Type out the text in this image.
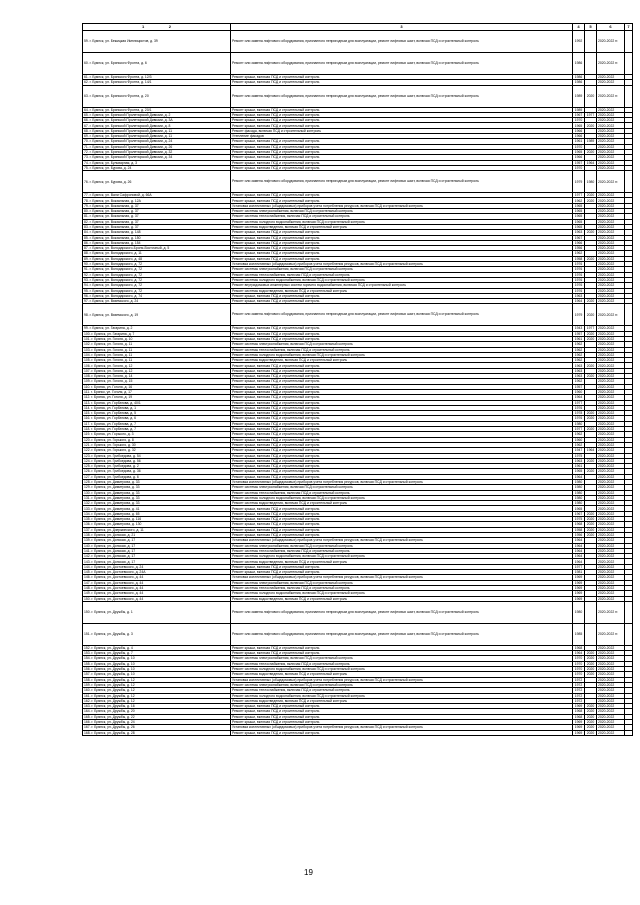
1 2	3	4	5	6	7
59. г. Брянск, ул. Бежицкая Имплицистов, д. 39	Ремонт или замена лифтового оборудования, признанного непригодным для эксплуатации, ремонт лифтовых шахт, включая ПСД и строительный контроль	1992		2020-2022 гг.	
60. г. Брянск, ул. Брянского Фронта, д. 6	Ремонт или замена лифтового оборудования, признанного непригодным для эксплуатации, ремонт лифтовых шахт, включая ПСД и строительный контроль	1986		2020-2022 гг.	
61. г. Брянск, ул. Брянского Фронта, д. 12/3	Ремонт крыши, включая ПСД и строительный контроль	1986		2020-2022	
62. г. Брянск, ул. Брянского Фронта, д. 14/1	Ремонт крыши, включая ПСД и строительный контроль	1986		2020-2022	
63. г. Брянск, ул. Брянского Фронта, д. 20	Ремонт или замена лифтового оборудования, признанного непригодным для эксплуатации, ремонт лифтовых шахт, включая ПСД и строительный контроль	1989	2020	2020-2022 гг.	
64. г. Брянск, ул. Брянского Фронта, д. 20/1	Ремонт крыши, включая ПСД и строительный контроль	1989		2020-2022	
65. г. Брянск, ул. Брянской Пролетарской Дивизии, д. 2	Ремонт крыши, включая ПСД и строительный контроль	1967	1977	2020-2022	
66. г. Брянск, ул. Брянской Пролетарской Дивизии, д. 3А	Ремонт крыши, включая ПСД и строительный контроль	1970		2020-2022	
67. г. Брянск, ул. Брянской Пролетарской Дивизии, д. 8	Ремонт крыши, включая ПСД и строительный контроль	1965	2020	2020-2022	
68. г. Брянск, ул. Брянской Пролетарской Дивизии, д. 11	Ремонт фасада, включая ПСД и строительный контроль	1966		2020-2022	
69. г. Брянск, ул. Брянской Пролетарской Дивизии, д. 11	Утепление фасадов	1966		2020-2022	
70. г. Брянск, ул. Брянской Пролетарской Дивизии, д. 24	Ремонт крыши, включая ПСД и строительный контроль	1961	1989	2020-2022	
71. г. Брянск, ул. Брянской Пролетарской Дивизии, д. 26	Ремонт крыши, включая ПСД и строительный контроль	1970		2020-2022	
72. г. Брянск, ул. Брянской Пролетарской Дивизии, д. 32	Ремонт крыши, включая ПСД и строительный контроль	1965	2020	2020-2022	
73. г. Брянск, ул. Брянской Пролетарской Дивизии, д. 34	Ремонт крыши, включая ПСД и строительный контроль	1966		2020-2022	
74. г. Брянск, ул. Бульварная, д. 3	Ремонт крыши, включая ПСД и строительный контроль	1957	1964	2020-2022	
75. г. Брянск, ул. Бурова, д. 24	Ремонт крыши, включая ПСД и строительный контроль	1970		2020-2022	
76. г. Брянск, ул. Бурова, д. 26	Ремонт или замена лифтового оборудования, признанного непригодным для эксплуатации, ремонт лифтовых шахт, включая ПСД и строительный контроль	1979	1980	2020-2022 гг.	
77. г. Брянск, ул. Вали Сафроновой, д. 66А	Ремонт крыши, включая ПСД и строительный контроль	1977	2020	2020-2022	
78. г. Брянск, ул. Вокзальная, д. 12А	Ремонт крыши, включая ПСД и строительный контроль	1962	2020	2020-2022	
79. г. Брянск, ул. Вокзальная, д. 37	Установка коллективных (общедомовых) приборов учета потребления ресурсов, включая ПСД и строительный контроль	1965		2020-2022	
80. г. Брянск, ул. Вокзальная, д. 37	Ремонт системы электроснабжения, включая ПСД и строительный контроль	1965		2020-2022	
81. г. Брянск, ул. Вокзальная, д. 37	Ремонт системы теплоснабжения, включая ПСД и строительный контроль	1965		2020-2022	
82. г. Брянск, ул. Вокзальная, д. 37	Ремонт системы холодного водоснабжения, включая ПСД и строительный контроль	1965		2020-2022	
83. г. Брянск, ул. Вокзальная, д. 37	Ремонт системы водоотведения, включая ПСД и строительный контроль	1965		2020-2022	
84. г. Брянск, ул. Вокзальная, д. 148	Ремонт крыши, включая ПСД и строительный контроль	1963	2020	2020-2022	
85. г. Брянск, ул. Вокзальная, д. 150	Ремонт крыши, включая ПСД и строительный контроль	1967		2020-2022	
86. г. Брянск, ул. Вокзальная, д. 154	Ремонт крыши, включая ПСД и строительный контроль	1966		2020-2022	
87. г. Брянск, ул. Володарского-Броня-Восточный, д. 5	Ремонт крыши, включая ПСД и строительный контроль	1956		2020-2022	
88. г. Брянск, ул. Володарского, д. 11	Ремонт крыши, включая ПСД и строительный контроль	1962		2020-2022	
89. г. Брянск, ул. Володарского, д. 48	Ремонт крыши, включая ПСД и строительный контроль	1958	2020	2020-2022	
90. г. Брянск, ул. Володарского, д. 72	Установка коллективных (общедомовых) приборов учета потребления ресурсов, включая ПСД и строительный контроль	1976		2020-2022	
91. г. Брянск, ул. Володарского, д. 72	Ремонт системы электроснабжения, включая ПСД и строительный контроль	1976		2020-2022	
92. г. Брянск, ул. Володарского, д. 72	Ремонт системы теплоснабжения, включая ПСД и строительный контроль	1976		2020-2022	
93. г. Брянск, ул. Володарского, д. 72	Ремонт системы холодного водоснабжения, включая ПСД и строительный контроль	1976		2020-2022	
94. г. Брянск, ул. Володарского, д. 72	Ремонт внутридомовых инженерных систем горячего водоснабжения, включая ПСД и строительный контроль	1976		2020-2022	
95. г. Брянск, ул. Володарского, д. 72	Ремонт системы водоотведения, включая ПСД и строительный контроль	1976		2020-2022	
96. г. Брянск, ул. Володарского, д. 74	Ремонт крыши, включая ПСД и строительный контроль	1963		2020-2022	
97. г. Брянск, ул. Вяземского, д. 24	Ремонт крыши, включая ПСД и строительный контроль	1964	2020	2020-2022	
98. г. Брянск, ул. Вяземского, д. 19	Ремонт или замена лифтового оборудования, признанного непригодным для эксплуатации, ремонт лифтовых шахт, включая ПСД и строительный контроль	1979	2020	2020-2022 гг.	
99. г. Брянск, ул. Гагарина, д. 2	Ремонт крыши, включая ПСД и строительный контроль	1943	1977	2020-2022	
100. г. Брянск, ул. Гагарина, д. 7	Ремонт крыши, включая ПСД и строительный контроль	1957	2020	2020-2022	
101. г. Брянск, ул. Гоголя, д. 10	Ремонт крыши, включая ПСД и строительный контроль	1961	2020	2020-2022	
102. г. Брянск, ул. Гоголя, д. 11	Ремонт системы электроснабжения, включая ПСД и строительный контроль	1962		2020-2022	
103. г. Брянск, ул. Гоголя, д. 11	Ремонт системы теплоснабжения, включая ПСД и строительный контроль	1962		2020-2022	
104. г. Брянск, ул. Гоголя, д. 11	Ремонт системы холодного водоснабжения, включая ПСД и строительный контроль	1962		2020-2022	
105. г. Брянск, ул. Гоголя, д. 11	Ремонт системы водоотведения, включая ПСД и строительный контроль	1962		2020-2022	
106. г. Брянск, ул. Гоголя, д. 12	Ремонт крыши, включая ПСД и строительный контроль	1963	2020	2020-2022	
107. г. Брянск, ул. Гоголя, д. 12	Ремонт крыши, включая ПСД и строительный контроль	1963		2020-2022	
108. г. Брянск, ул. Гоголя, д. 14	Ремонт крыши, включая ПСД и строительный контроль	1963	2020	2020-2022	
109. г. Брянск, ул. Гоголя, д. 15	Ремонт крыши, включая ПСД и строительный контроль	1962		2020-2022	
110. г. Брянск, ул. Гоголя, д. 16	Ремонт крыши, включая ПСД и строительный контроль	1957		2020-2022	
111. г. Брянск, ул. Гоголя, д. 17	Ремонт крыши, включая ПСД и строительный контроль	1960		2020-2022	
112. г. Брянск, ул. Гоголя, д. 19	Ремонт крыши, включая ПСД и строительный контроль	1964		2020-2022	
113. г. Брянск, ул. Горбатова, д. 40/1	Ремонт крыши, включая ПСД и строительный контроль	1977		2020-2022	
114. г. Брянск, ул. Горбатова, д. 1	Ремонт крыши, включая ПСД и строительный контроль	1976		2020-2022	
115. г. Брянск, ул. Горбатова, д. 5	Ремонт крыши, включая ПСД и строительный контроль	1978	2020	2020-2022	
116. г. Брянск, ул. Горбатова, д. 6	Ремонт крыши, включая ПСД и строительный контроль	1976	2020	2020-2022	
117. г. Брянск, ул. Горбатова, д. 7	Ремонт крыши, включая ПСД и строительный контроль	1980		2020-2022	
118. г. Брянск, ул. Горбатова, д. 7	Ремонт крыши, включая ПСД и строительный контроль	1977	2020	2020-2022	
119. г. Брянск, ул. Горького, д. 3	Ремонт крыши, включая ПСД и строительный контроль	1962		2020-2022	
120. г. Брянск, ул. Горького, д. 8	Ремонт крыши, включая ПСД и строительный контроль	1960		2020-2022	
121. г. Брянск, ул. Горького, д. 30	Ремонт крыши, включая ПСД и строительный контроль	1962		2020-2022	
122. г. Брянск, ул. Горького, д. 32	Ремонт крыши, включая ПСД и строительный контроль	1947	1964	2020-2022	
123. г. Брянск, ул. Грибоедова, д. 54	Ремонт крыши, включая ПСД и строительный контроль	1975		2020-2022	
124. г. Брянск, ул. Грибоедова, д. 56	Ремонт крыши, включая ПСД и строительный контроль	1963	2020	2020-2022	
125. г. Брянск, ул. Грибоедова, д. 2	Ремонт крыши, включая ПСД и строительный контроль	1961		2020-2022	
126. г. Брянск, ул. Грибоедова, д. 36	Ремонт крыши, включая ПСД и строительный контроль	1965	2020	2020-2022	
127. г. Брянск, ул. Грибоедова, д. 6	Ремонт крыши, включая ПСД и строительный контроль	1964		2020-2022	
128. г. Брянск, ул. Димитрова, д. 33	Установка коллективных (общедомовых) приборов учета потребления ресурсов, включая ПСД и строительный контроль	1980		2020-2022	
129. г. Брянск, ул. Димитрова, д. 33	Ремонт системы электроснабжения, включая ПСД и строительный контроль	1980		2020-2022	
130. г. Брянск, ул. Димитрова, д. 33	Ремонт системы теплоснабжения, включая ПСД и строительный контроль	1980		2020-2022	
131. г. Брянск, ул. Димитрова, д. 33	Ремонт системы холодного водоснабжения, включая ПСД и строительный контроль	1980		2020-2022	
132. г. Брянск, ул. Димитрова, д. 33	Ремонт системы водоотведения, включая ПСД и строительный контроль	1980		2020-2022	
133. г. Брянск, ул. Димитрова, д. 41	Ремонт крыши, включая ПСД и строительный контроль	1965		2020-2022	
134. г. Брянск, ул. Димитрова, д. 65	Ремонт крыши, включая ПСД и строительный контроль	1967	2020	2020-2022	
135. г. Брянск, ул. Димитрова, д. 116	Ремонт крыши, включая ПСД и строительный контроль	1975	2020	2020-2022	
136. г. Брянск, ул. Димитрова, д. 130	Ремонт крыши, включая ПСД и строительный контроль	1968	2020	2020-2022	
137. г. Брянск, ул. Дзержинского, д. 11	Ремонт крыши, включая ПСД и строительный контроль	1958	2020	2020-2022	
138. г. Брянск, ул. Донская, д. 21	Ремонт крыши, включая ПСД и строительный контроль	1956	2020	2020-2022	
139. г. Брянск, ул. Донская, д. 17	Установка коллективных (общедомовых) приборов учета потребления ресурсов, включая ПСД и строительный контроль	1964		2020-2022	
140. г. Брянск, ул. Донская, д. 17	Ремонт системы электроснабжения, включая ПСД и строительный контроль	1964		2020-2022	
141. г. Брянск, ул. Донская, д. 17	Ремонт системы теплоснабжения, включая ПСД и строительный контроль	1964		2020-2022	
142. г. Брянск, ул. Донская, д. 17	Ремонт системы холодного водоснабжения, включая ПСД и строительный контроль	1964		2020-2022	
143. г. Брянск, ул. Донская, д. 17	Ремонт системы водоотведения, включая ПСД и строительный контроль	1964		2020-2022	
144. г. Брянск, ул. Достоевского, д. 24	Ремонт крыши, включая ПСД и строительный контроль	1977		2020-2022	
145. г. Брянск, ул. Достоевского, д. 24А	Ремонт крыши, включая ПСД и строительный контроль	1981		2020-2022	
146. г. Брянск, ул. Достоевского, д. 44	Установка коллективных (общедомовых) приборов учета потребления ресурсов, включая ПСД и строительный контроль	1969		2020-2022	
147. г. Брянск, ул. Достоевского, д. 44	Ремонт системы электроснабжения, включая ПСД и строительный контроль	1969		2020-2022	
148. г. Брянск, ул. Достоевского, д. 44	Ремонт системы теплоснабжения, включая ПСД и строительный контроль	1969		2020-2022	
149. г. Брянск, ул. Достоевского, д. 44	Ремонт системы холодного водоснабжения, включая ПСД и строительный контроль	1969		2020-2022	
150. г. Брянск, ул. Достоевского, д. 44	Ремонт системы водоотведения, включая ПСД и строительный контроль	1969		2020-2022	
150. г. Брянск, ул. Дружбы, д. 1	Ремонт или замена лифтового оборудования, признанного непригодным для эксплуатации, ремонт лифтовых шахт, включая ПСД и строительный контроль	1980		2020-2022 гг.	
151. г. Брянск, ул. Дружбы, д. 3	Ремонт или замена лифтового оборудования, признанного непригодным для эксплуатации, ремонт лифтовых шахт, включая ПСД и строительный контроль	1985		2020-2022 гг.	
152. г. Брянск, ул. Дружбы, д. 4	Ремонт крыши, включая ПСД и строительный контроль	1968		2020-2022	
153. г. Брянск, ул. Дружбы, д. 7	Ремонт крыши, включая ПСД и строительный контроль	1964	2020	2020-2022	
154. г. Брянск, ул. Дружбы, д. 10	Ремонт системы электроснабжения, включая ПСД и строительный контроль	1970	2020	2020-2022	
155. г. Брянск, ул. Дружбы, д. 10	Ремонт системы теплоснабжения, включая ПСД и строительный контроль	1970	2020	2020-2022	
156. г. Брянск, ул. Дружбы, д. 10	Ремонт системы холодного водоснабжения, включая ПСД и строительный контроль	1970	2020	2020-2022	
157. г. Брянск, ул. Дружбы, д. 10	Ремонт системы водоотведения, включая ПСД и строительный контроль	1970	2020	2020-2022	
158. г. Брянск, ул. Дружбы, д. 12	Установка коллективных (общедомовых) приборов учета потребления ресурсов, включая ПСД и строительный контроль	1972		2020-2022	
159. г. Брянск, ул. Дружбы, д. 12	Ремонт системы электроснабжения, включая ПСД и строительный контроль	1972		2020-2022	
160. г. Брянск, ул. Дружбы, д. 12	Ремонт системы теплоснабжения, включая ПСД и строительный контроль	1972		2020-2022	
161. г. Брянск, ул. Дружбы, д. 12	Ремонт системы холодного водоснабжения, включая ПСД и строительный контроль	1972		2020-2022	
162. г. Брянск, ул. Дружбы, д. 12	Ремонт системы водоотведения, включая ПСД и строительный контроль	1972		2020-2022	
163. г. Брянск, ул. Дружбы, д. 16	Ремонт крыши, включая ПСД и строительный контроль	1969	2020	2020-2022	
164. г. Брянск, ул. Дружбы, д. 20	Ремонт крыши, включая ПСД и строительный контроль	1968	2020	2020-2022	
165. г. Брянск, ул. Дружбы, д. 22	Ремонт крыши, включая ПСД и строительный контроль	1968	2020	2020-2022	
166. г. Брянск, ул. Дружбы, д. 24	Ремонт крыши, включая ПСД и строительный контроль	1969	2020	2020-2022	
167. г. Брянск, ул. Дружбы, д. 26	Установка коллективных (общедомовых) приборов учета потребления ресурсов, включая ПСД и строительный контроль	1969	2020	2020-2022	
168. г. Брянск, ул. Дружбы, д. 28	Ремонт крыши, включая ПСД и строительный контроль	1969	2020	2020-2022	
19
